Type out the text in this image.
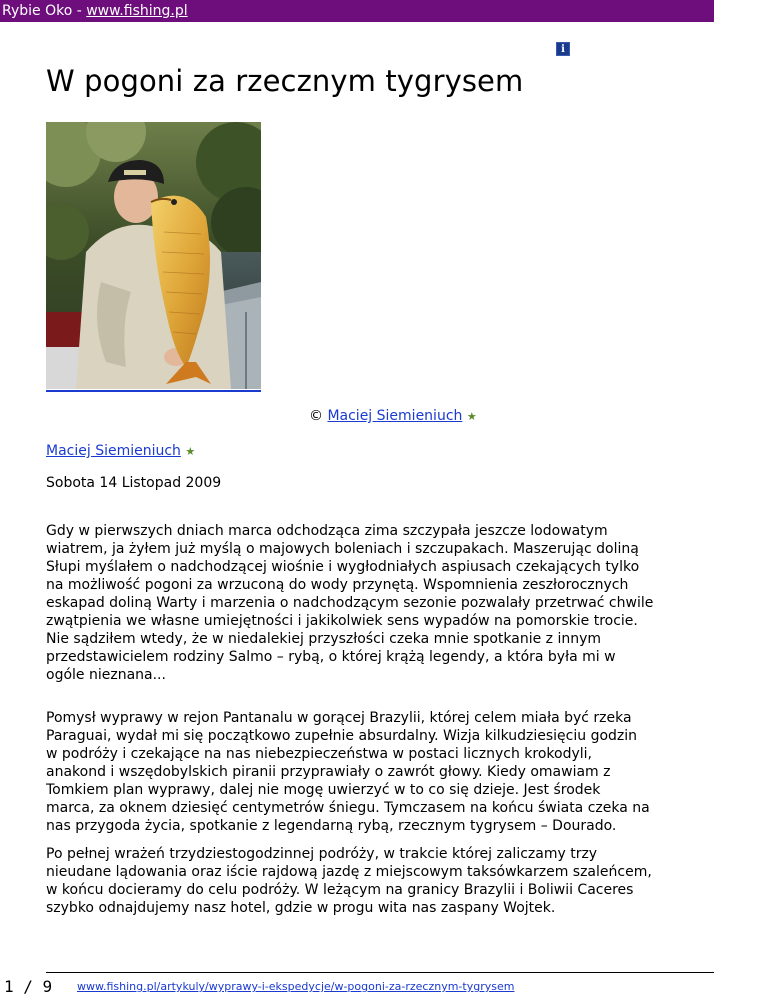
Rybie Oko - www.fishing.pl
i
W pogoni za rzecznym tygrysem
© Maciej Siemieniuch ★
Maciej Siemieniuch ★
Sobota 14 Listopad 2009

Gdy w pierwszych dniach marca odchodząca zima szczypała jeszcze lodowatym
wiatrem, ja żyłem już myślą o majowych boleniach i szczupakach. Maszerując doliną
Słupi myślałem o nadchodzącej wiośnie i wygłodniałych aspiusach czekających tylko
na możliwość pogoni za wrzuconą do wody przynętą. Wspomnienia zeszłorocznych
eskapad doliną Warty i marzenia o nadchodzącym sezonie pozwalały przetrwać chwile
zwątpienia we własne umiejętności i jakikolwiek sens wypadów na pomorskie trocie.
Nie sądziłem wtedy, że w niedalekiej przyszłości czeka mnie spotkanie z innym
przedstawicielem rodziny Salmo – rybą, o której krążą legendy, a która była mi w
ogóle nieznana...

Pomysł wyprawy w rejon Pantanalu w gorącej Brazylii, której celem miała być rzeka
Paraguai, wydał mi się początkowo zupełnie absurdalny. Wizja kilkudziesięciu godzin
w podróży i czekające na nas niebezpieczeństwa w postaci licznych krokodyli,
anakond i wszędobylskich piranii przyprawiały o zawrót głowy. Kiedy omawiam z
Tomkiem plan wyprawy, dalej nie mogę uwierzyć w to co się dzieje. Jest środek
marca, za oknem dziesięć centymetrów śniegu. Tymczasem na końcu świata czeka na
nas przygoda życia, spotkanie z legendarną rybą, rzecznym tygrysem – Dourado.

Po pełnej wrażeń trzydziestogodzinnej podróży, w trakcie której zaliczamy trzy
nieudane lądowania oraz iście rajdową jazdę z miejscowym taksówkarzem szaleńcem,
w końcu docieramy do celu podróży. W leżącym na granicy Brazylii i Boliwii Caceres
szybko odnajdujemy nasz hotel, gdzie w progu wita nas zaspany Wojtek.

1 / 9 www.fishing.pl/artykuly/wyprawy-i-ekspedycje/w-pogoni-za-rzecznym-tygrysem
